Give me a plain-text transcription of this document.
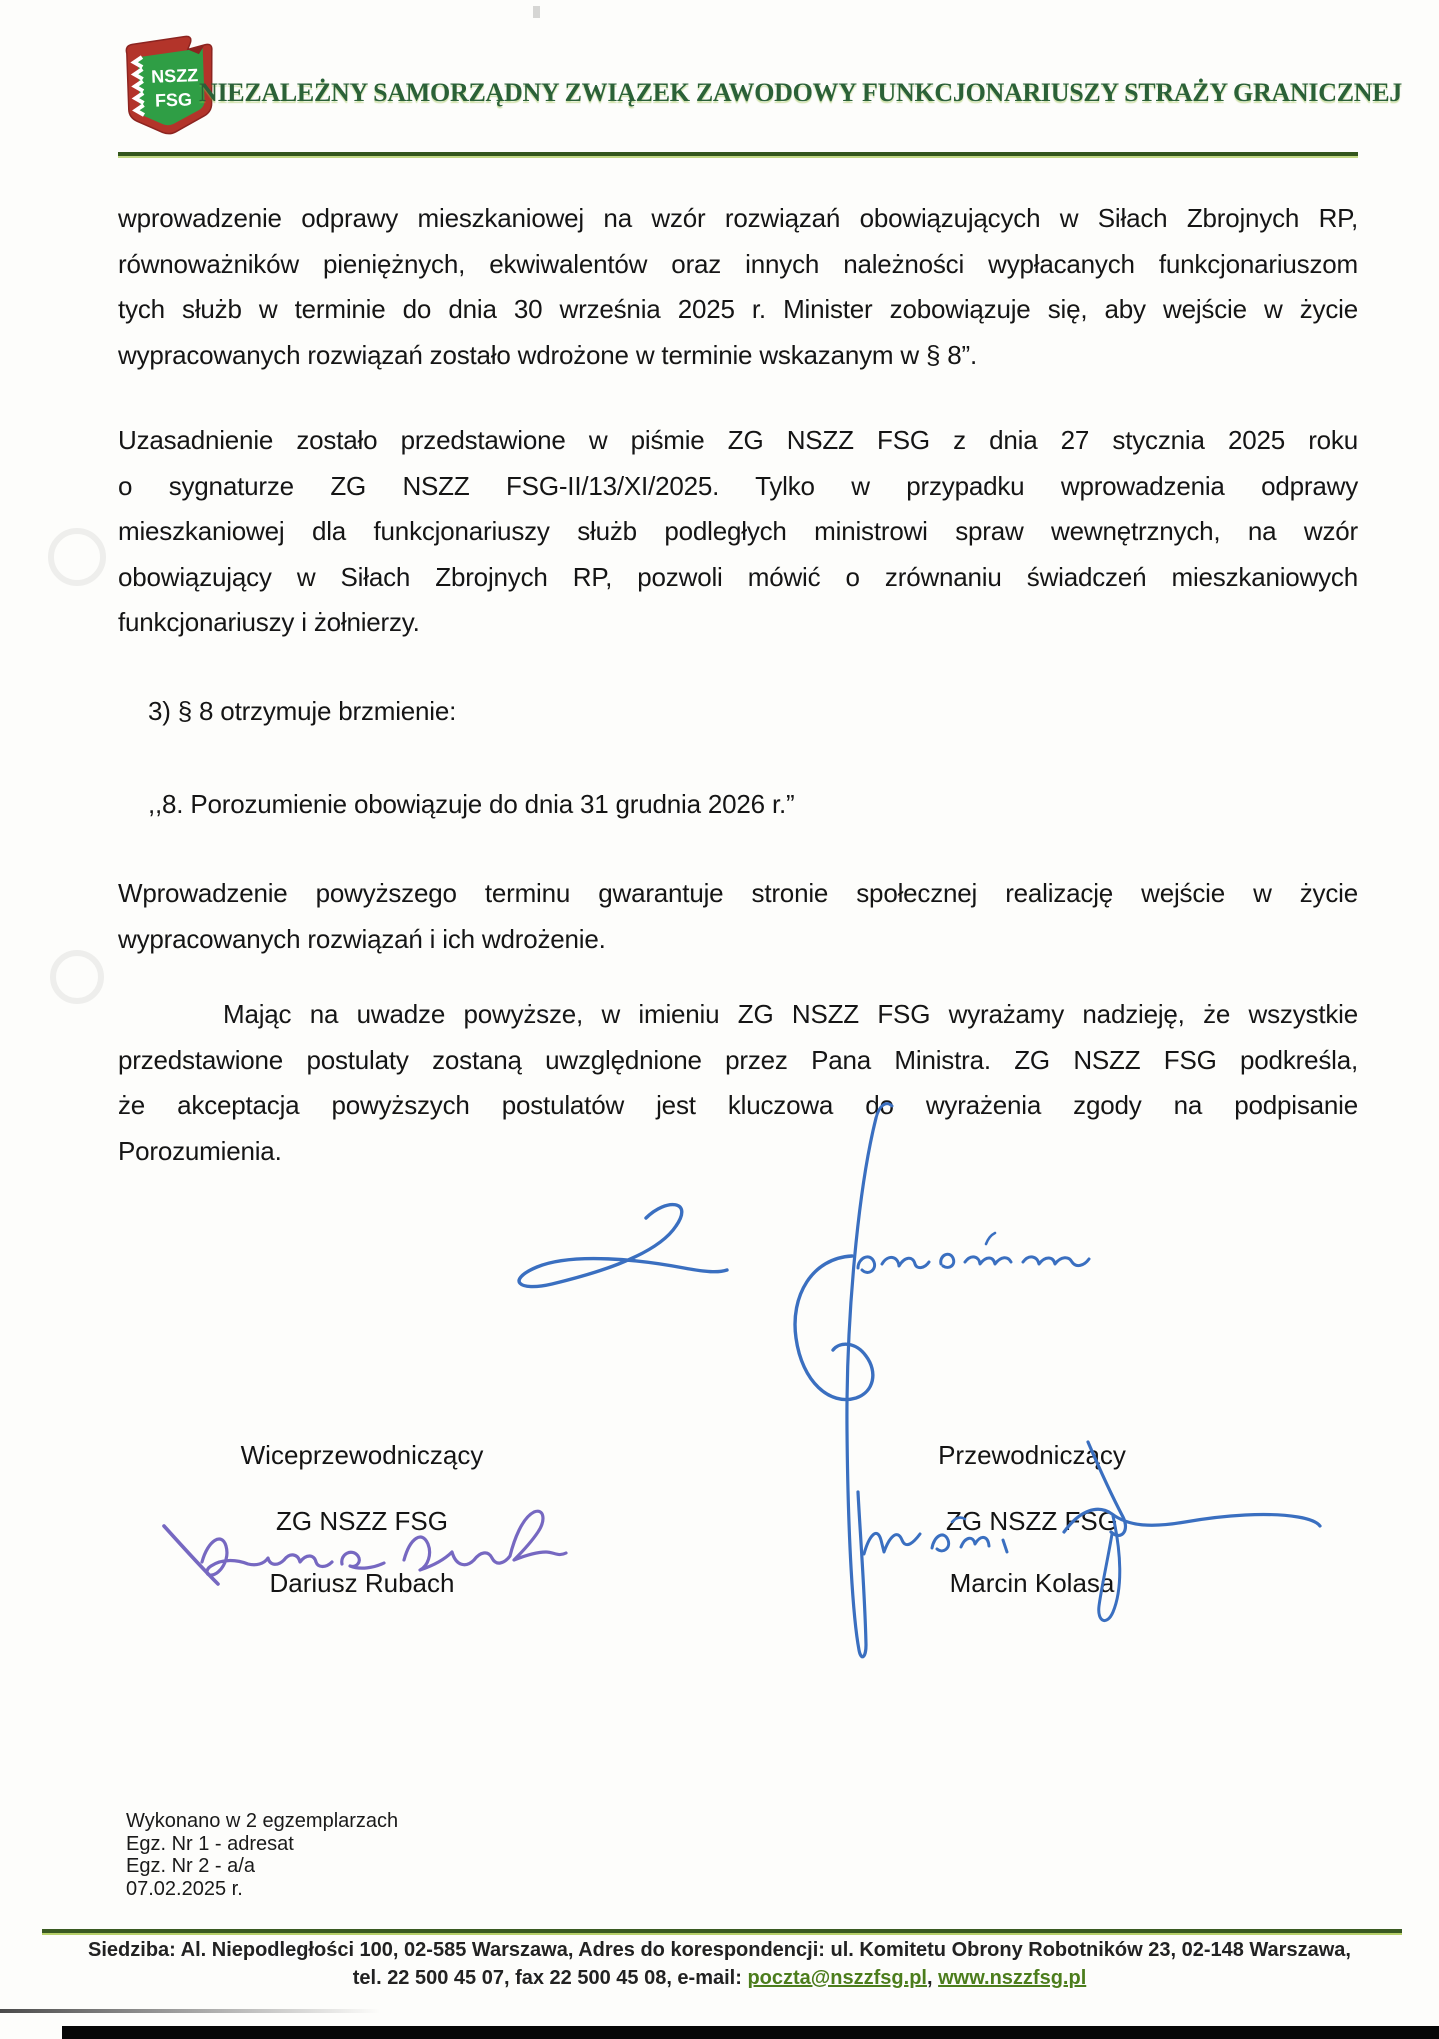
NSZZ
FSG NIEZALEŻNY SAMORZĄDNY ZWIĄZEK ZAWODOWY FUNKCJONARIUSZY STRAŻY GRANICZNEJ
wprowadzenie odprawy mieszkaniowej na wzór rozwiązań obowiązujących w Siłach Zbrojnych RP,
równoważników pieniężnych, ekwiwalentów oraz innych należności wypłacanych funkcjonariuszom
tych służb w terminie do dnia 30 września 2025 r. Minister zobowiązuje się, aby wejście w życie
wypracowanych rozwiązań zostało wdrożone w terminie wskazanym w § 8”.
Uzasadnienie zostało przedstawione w piśmie ZG NSZZ FSG z dnia 27 stycznia 2025 roku
o sygnaturze ZG NSZZ FSG-II/13/XI/2025. Tylko w przypadku wprowadzenia odprawy
mieszkaniowej dla funkcjonariuszy służb podległych ministrowi spraw wewnętrznych, na wzór
obowiązujący w Siłach Zbrojnych RP, pozwoli mówić o zrównaniu świadczeń mieszkaniowych
funkcjonariuszy i żołnierzy.
3) § 8 otrzymuje brzmienie:
,,8. Porozumienie obowiązuje do dnia 31 grudnia 2026 r.”
Wprowadzenie powyższego terminu gwarantuje stronie społecznej realizację wejście w życie
wypracowanych rozwiązań i ich wdrożenie.
Mając na uwadze powyższe, w imieniu ZG NSZZ FSG wyrażamy nadzieję, że wszystkie
przedstawione postulaty zostaną uwzględnione przez Pana Ministra. ZG NSZZ FSG podkreśla,
że akceptacja powyższych postulatów jest kluczowa do wyrażenia zgody na podpisanie
Porozumienia.
Wiceprzewodniczący
ZG NSZZ FSG
Dariusz Rubach
Przewodniczący
ZG NSZZ FSG
Marcin Kolasa
Wykonano w 2 egzemplarzach
Egz. Nr 1 - adresat
Egz. Nr 2 - a/a
07.02.2025 r.
Siedziba: Al. Niepodległości 100, 02-585 Warszawa, Adres do korespondencji: ul. Komitetu Obrony Robotników 23, 02-148 Warszawa,
tel. 22 500 45 07, fax 22 500 45 08, e-mail: poczta@nszzfsg.pl, www.nszzfsg.pl
